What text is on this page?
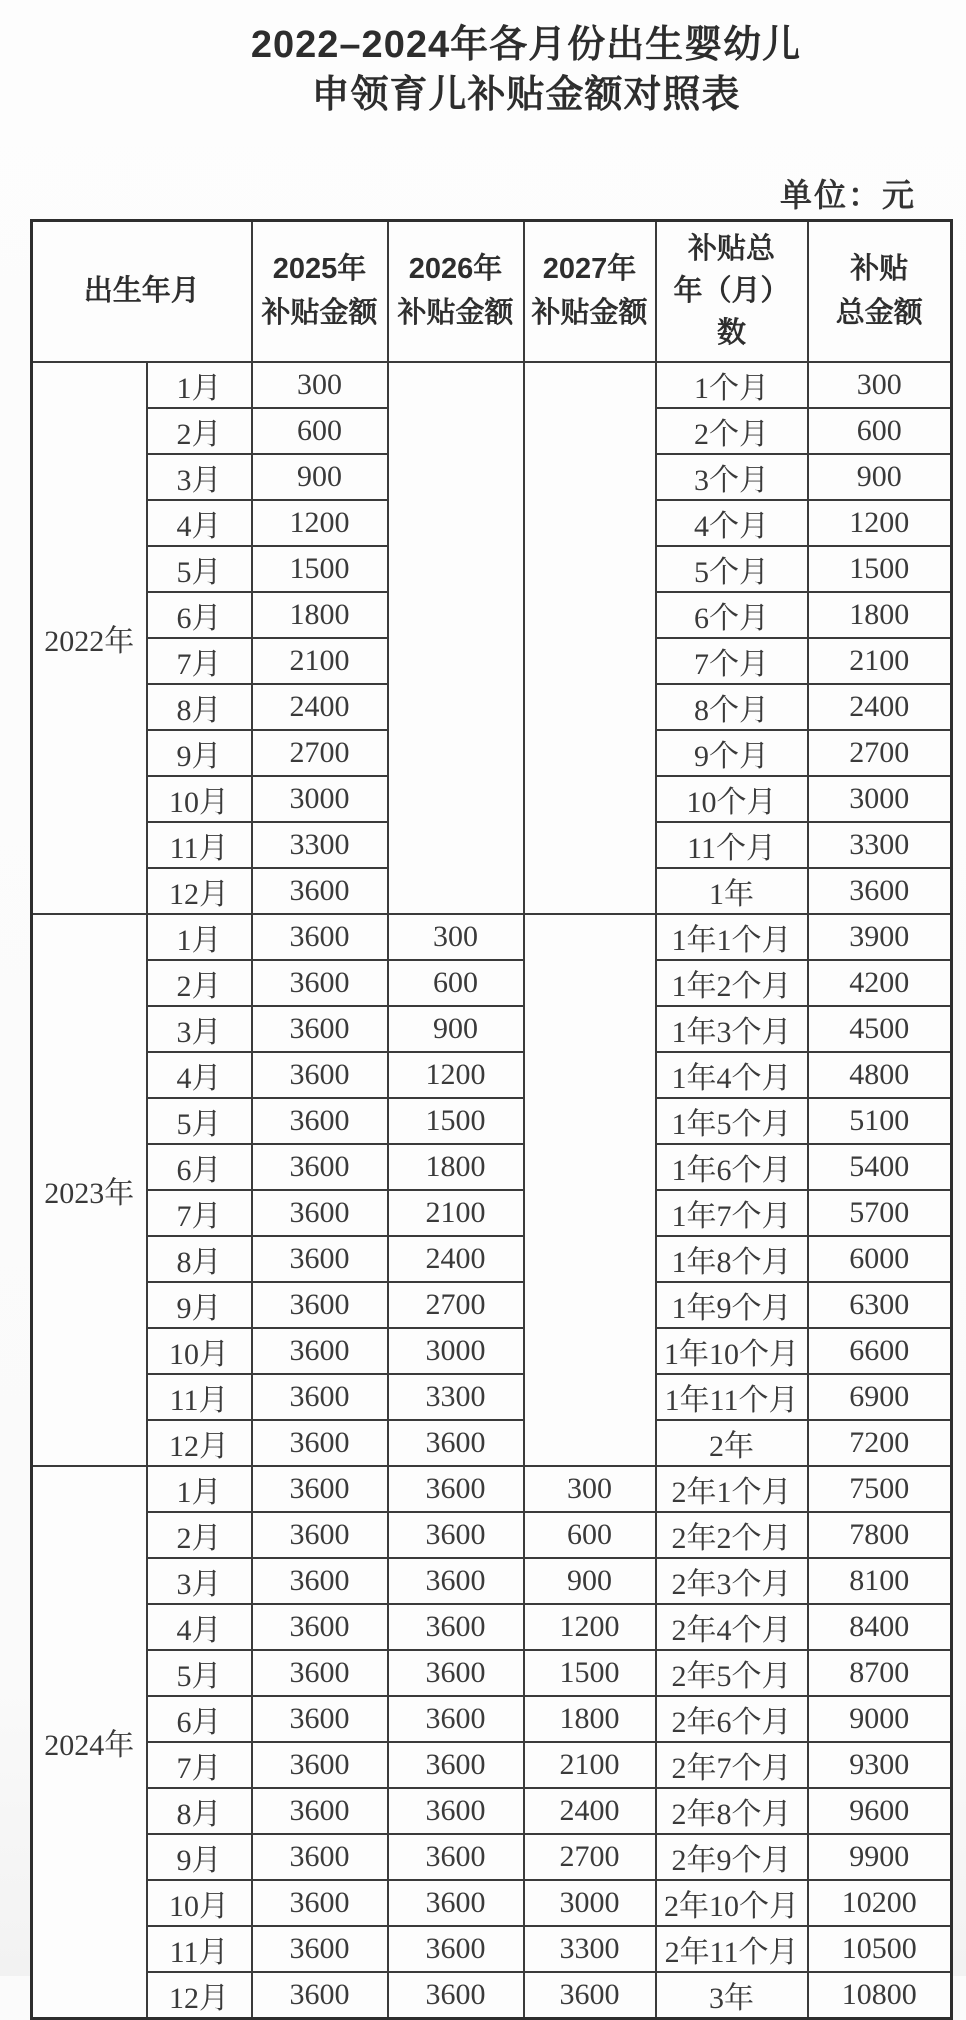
2022–2024年各月份出生婴幼儿
申领育儿补贴金额对照表
单位：元
出生年月

2025年
补贴金额

2026年
补贴金额

2027年
补贴金额

补贴总
年（月）
数

补贴
总金额

2022年	1月	300			1个月	300
	2月	600			2个月	600
	3月	900			3个月	900
	4月	1200			4个月	1200
	5月	1500			5个月	1500
	6月	1800			6个月	1800
	7月	2100			7个月	2100
	8月	2400			8个月	2400
	9月	2700			9个月	2700
	10月	3000			10个月	3000
	11月	3300			11个月	3300
	12月	3600			1年	3600
2023年	1月	3600	300		1年1个月	3900
	2月	3600	600		1年2个月	4200
	3月	3600	900		1年3个月	4500
	4月	3600	1200		1年4个月	4800
	5月	3600	1500		1年5个月	5100
	6月	3600	1800		1年6个月	5400
	7月	3600	2100		1年7个月	5700
	8月	3600	2400		1年8个月	6000
	9月	3600	2700		1年9个月	6300
	10月	3600	3000		1年10个月	6600
	11月	3600	3300		1年11个月	6900
	12月	3600	3600		2年	7200
2024年	1月	3600	3600	300	2年1个月	7500
	2月	3600	3600	600	2年2个月	7800
	3月	3600	3600	900	2年3个月	8100
	4月	3600	3600	1200	2年4个月	8400
	5月	3600	3600	1500	2年5个月	8700
	6月	3600	3600	1800	2年6个月	9000
	7月	3600	3600	2100	2年7个月	9300
	8月	3600	3600	2400	2年8个月	9600
	9月	3600	3600	2700	2年9个月	9900
	10月	3600	3600	3000	2年10个月	10200
	11月	3600	3600	3300	2年11个月	10500
	12月	3600	3600	3600	3年	10800
